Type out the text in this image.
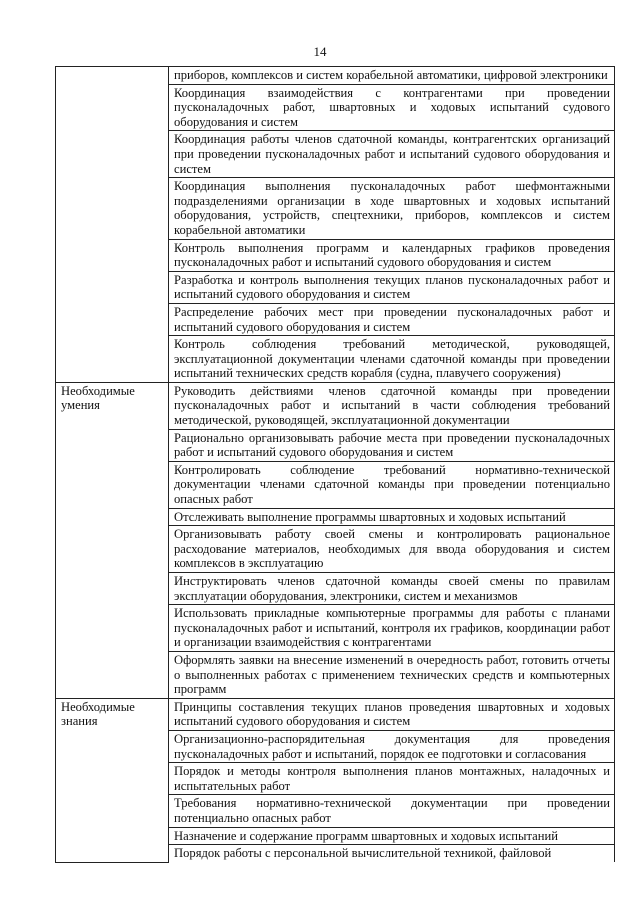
14
	приборов, комплексов и систем корабельной автоматики, цифровой электроники
	Координация взаимодействия с контрагентами при проведении пусконаладочных работ, швартовных и ходовых испытаний судового оборудования и систем
	Координация работы членов сдаточной команды, контрагентских организаций при проведении пусконаладочных работ и испытаний судового оборудования и систем
	Координация выполнения пусконаладочных работ шефмонтажными подразделениями организации в ходе швартовных и ходовых испытаний оборудования, устройств, спецтехники, приборов, комплексов и систем корабельной автоматики
	Контроль выполнения программ и календарных графиков проведения пусконаладочных работ и испытаний судового оборудования и систем
	Разработка и контроль выполнения текущих планов пусконаладочных работ и испытаний судового оборудования и систем
	Распределение рабочих мест при проведении пусконаладочных работ и испытаний судового оборудования и систем
	Контроль соблюдения требований методической, руководящей, эксплуатационной документации членами сдаточной команды при проведении испытаний технических средств корабля (судна, плавучего сооружения)
Необходимые умения	Руководить действиями членов сдаточной команды при проведении пусконаладочных работ и испытаний в части соблюдения требований методической, руководящей, эксплуатационной документации
	Рационально организовывать рабочие места при проведении пусконаладочных работ и испытаний судового оборудования и систем
	Контролировать соблюдение требований нормативно-технической документации членами сдаточной команды при проведении потенциально опасных работ
	Отслеживать выполнение программы швартовных и ходовых испытаний
	Организовывать работу своей смены и контролировать рациональное расходование материалов, необходимых для ввода оборудования и систем комплексов в эксплуатацию
	Инструктировать членов сдаточной команды своей смены по правилам эксплуатации оборудования, электроники, систем и механизмов
	Использовать прикладные компьютерные программы для работы с планами пусконаладочных работ и испытаний, контроля их графиков, координации работ и организации взаимодействия с контрагентами
	Оформлять заявки на внесение изменений в очередность работ, готовить отчеты о выполненных работах с применением технических средств и компьютерных программ
Необходимые знания	Принципы составления текущих планов проведения швартовных и ходовых испытаний судового оборудования и систем
	Организационно-распорядительная документация для проведения пусконаладочных работ и испытаний, порядок ее подготовки и согласования
	Порядок и методы контроля выполнения планов монтажных, наладочных и испытательных работ
	Требования нормативно-технической документации при проведении потенциально опасных работ
	Назначение и содержание программ швартовных и ходовых испытаний

	Порядок работы с персональной вычислительной техникой, файловой
